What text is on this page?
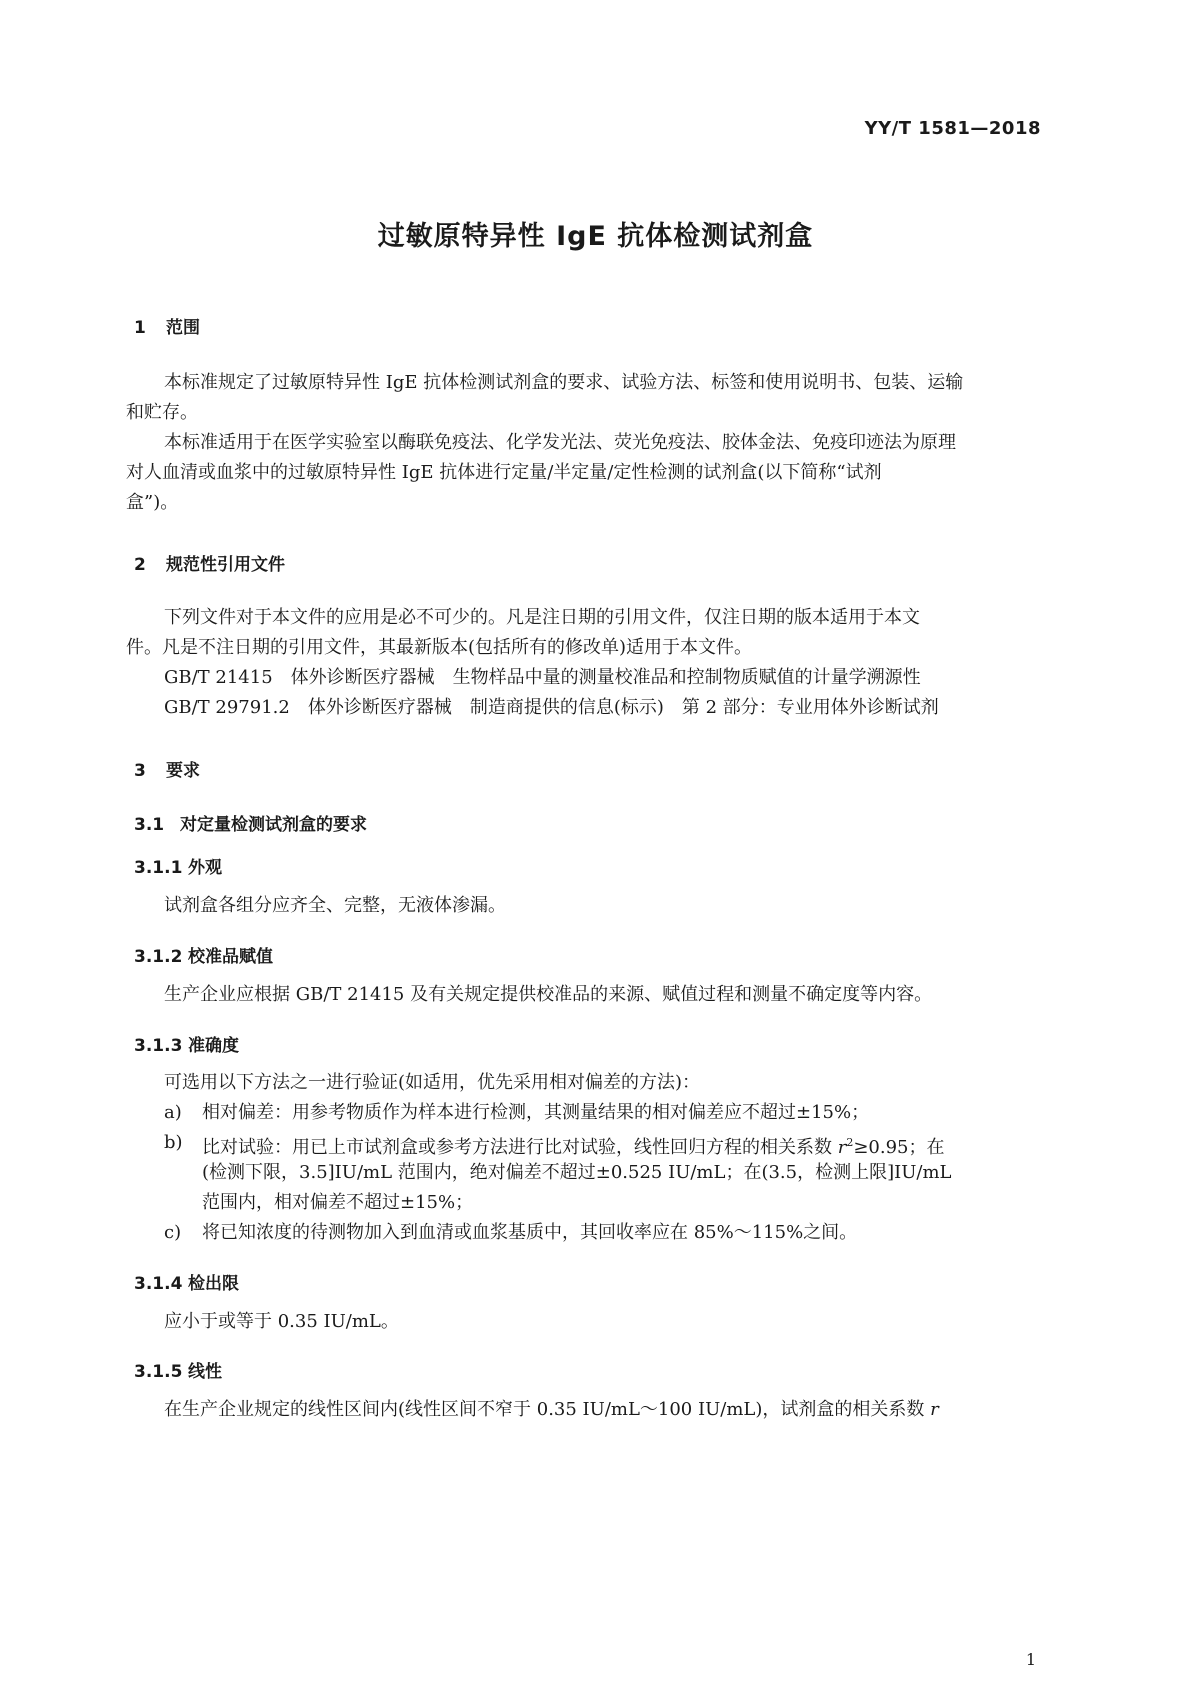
YY/T 1581—2018
过敏原特异性 IgE 抗体检测试剂盒
1 范围
本标准规定了过敏原特异性 IgE 抗体检测试剂盒的要求、试验方法、标签和使用说明书、包装、运输
和贮存。
本标准适用于在医学实验室以酶联免疫法、化学发光法、荧光免疫法、胶体金法、免疫印迹法为原理
对人血清或血浆中的过敏原特异性 IgE 抗体进行定量/半定量/定性检测的试剂盒(以下简称“试剂
盒”)。
2 规范性引用文件
下列文件对于本文件的应用是必不可少的。凡是注日期的引用文件，仅注日期的版本适用于本文
件。凡是不注日期的引用文件，其最新版本(包括所有的修改单)适用于本文件。
GB/T 21415　体外诊断医疗器械　生物样品中量的测量校准品和控制物质赋值的计量学溯源性
GB/T 29791.2　体外诊断医疗器械　制造商提供的信息(标示)　第 2 部分：专业用体外诊断试剂
3 要求
3.1 对定量检测试剂盒的要求
3.1.1 外观
试剂盒各组分应齐全、完整，无液体渗漏。
3.1.2 校准品赋值
生产企业应根据 GB/T 21415 及有关规定提供校准品的来源、赋值过程和测量不确定度等内容。
3.1.3 准确度
可选用以下方法之一进行验证(如适用，优先采用相对偏差的方法)：
a) 相对偏差：用参考物质作为样本进行检测，其测量结果的相对偏差应不超过±15%；
b) 比对试验：用已上市试剂盒或参考方法进行比对试验，线性回归方程的相关系数 $r^2\ge 0.95$；在
(检测下限，3.5]IU/mL 范围内，绝对偏差不超过±0.525 IU/mL；在(3.5，检测上限]IU/mL
范围内，相对偏差不超过±15%；
c) 将已知浓度的待测物加入到血清或血浆基质中，其回收率应在 85%～115%之间。
3.1.4 检出限
应小于或等于 0.35 IU/mL。
3.1.5 线性
在生产企业规定的线性区间内(线性区间不窄于 0.35 IU/mL～100 IU/mL)，试剂盒的相关系数 r
1
